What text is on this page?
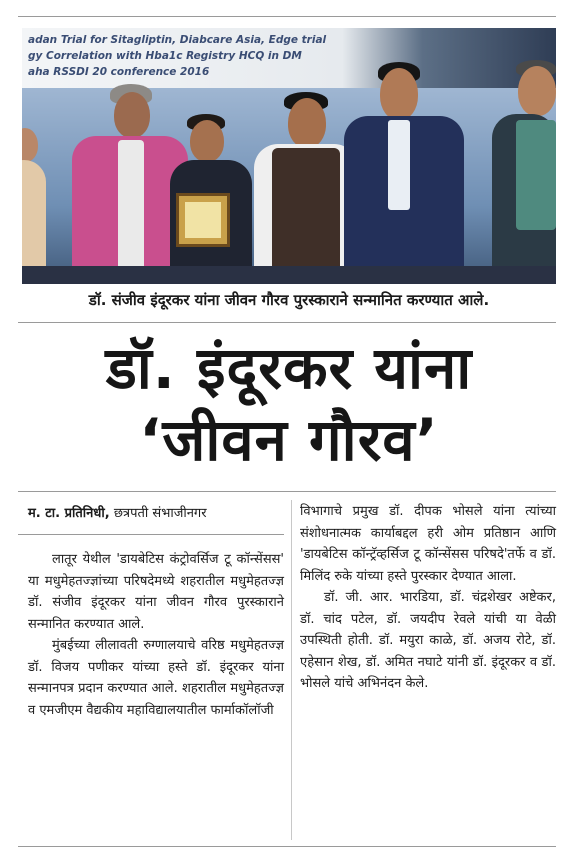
adan Trial for Sitagliptin, Diabcare Asia, Edge trial
gy Correlation with Hba1c Registry HCQ in DM
aha RSSDI 20 conference 2016
डॉ. संजीव इंदूरकर यांना जीवन गौरव पुरस्काराने सन्मानित करण्यात आले.
डॉ. इंदूरकर यांना
‘जीवन गौरव’
म. टा. प्रतिनिधी, छत्रपती संभाजीनगर

लातूर येथील 'डायबेटिस कंट्रोवर्सिज टू कॉन्सेंसस' या मधुमेहतज्ज्ञांच्या परिषदेमध्ये शहरातील मधुमेहतज्ज्ञ डॉ. संजीव इंदूरकर यांना जीवन गौरव पुरस्काराने सन्मानित करण्यात आले.

मुंबईच्या लीलावती रुग्णालयाचे वरिष्ठ मधुमेहतज्ज्ञ डॉ. विजय पणीकर यांच्या हस्ते डॉ. इंदूरकर यांना सन्मानपत्र प्रदान करण्यात आले. शहरातील मधुमेहतज्ज्ञ व एमजीएम वैद्यकीय महाविद्यालयातील फार्माकॉलॉजी

विभागाचे प्रमुख डॉ. दीपक भोसले यांना त्यांच्या संशोधनात्मक कार्याबद्दल हरी ओम प्रतिष्ठान आणि 'डायबेटिस कॉन्ट्रॅव्हर्सिज टू कॉन्सेंसस परिषदे'तर्फे व डॉ. मिलिंद रुके यांच्या हस्ते पुरस्कार देण्यात आला.

डॉ. जी. आर. भारडिया, डॉ. चंद्रशेखर अष्टेकर, डॉ. चांद पटेल, डॉ. जयदीप रेवले यांची या वेळी उपस्थिती होती. डॉ. मयुरा काळे, डॉ. अजय रोटे, डॉ. एहेसान शेख, डॉ. अमित नघाटे यांनी डॉ. इंदूरकर व डॉ. भोसले यांचे अभिनंदन केले.
